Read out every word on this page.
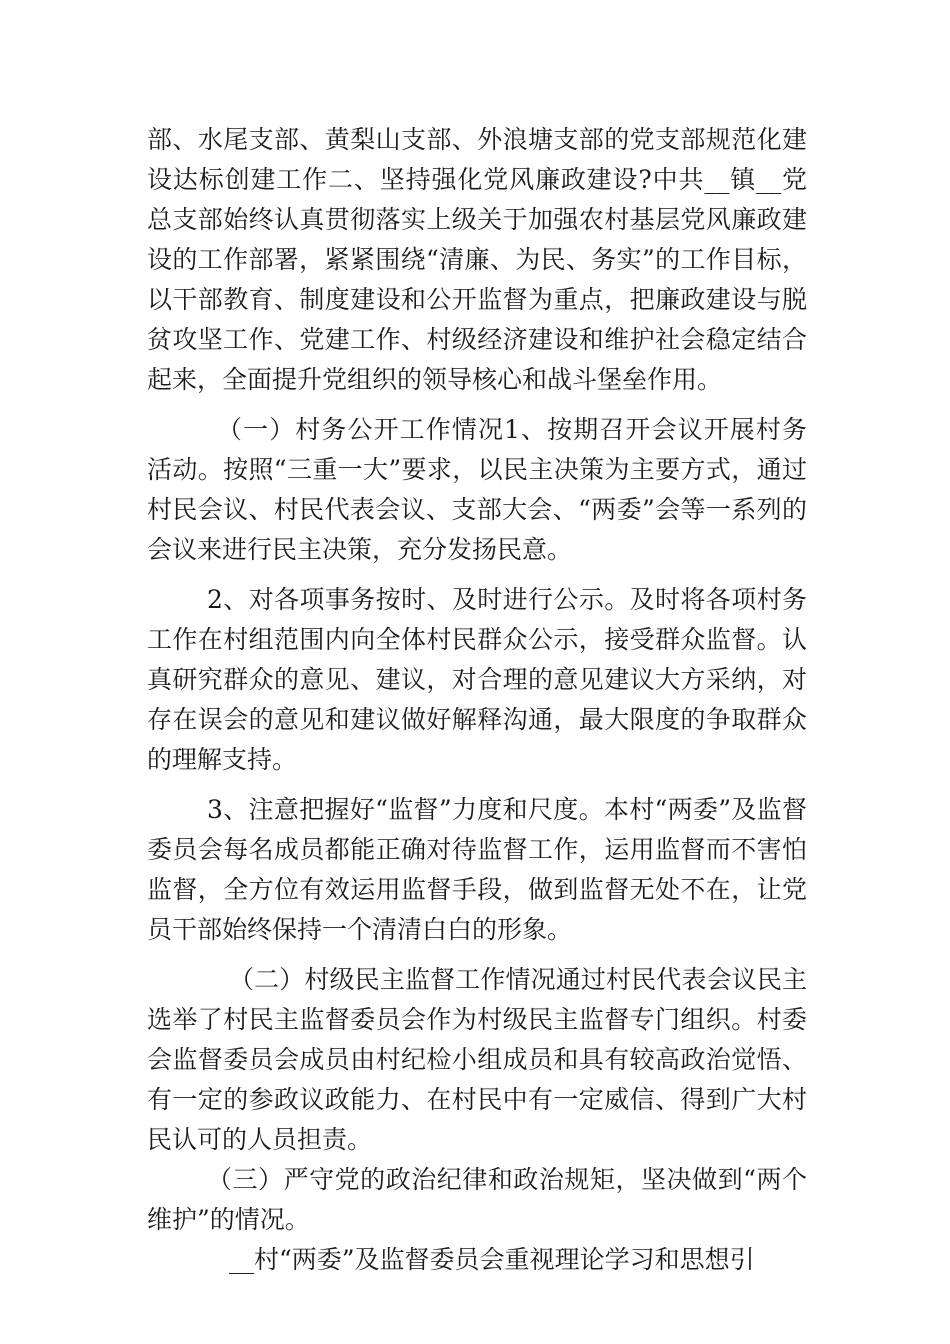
部、水尾支部、黄梨山支部、外浪塘支部的党支部规范化建设达标创建工作二、坚持强化党风廉政建设?中共__镇__党总支部始终认真贯彻落实上级关于加强农村基层党风廉政建设的工作部署，紧紧围绕“清廉、为民、务实”的工作目标，以干部教育、制度建设和公开监督为重点，把廉政建设与脱贫攻坚工作、党建工作、村级经济建设和维护社会稳定结合起来，全面提升党组织的领导核心和战斗堡垒作用。

（一）村务公开工作情况1、按期召开会议开展村务活动。按照“三重一大”要求，以民主决策为主要方式，通过村民会议、村民代表会议、支部大会、“两委”会等一系列的会议来进行民主决策，充分发扬民意。

2、对各项事务按时、及时进行公示。及时将各项村务工作在村组范围内向全体村民群众公示，接受群众监督。认真研究群众的意见、建议，对合理的意见建议大方采纳，对存在误会的意见和建议做好解释沟通，最大限度的争取群众的理解支持。

3、注意把握好“监督”力度和尺度。本村“两委”及监督委员会每名成员都能正确对待监督工作，运用监督而不害怕监督，全方位有效运用监督手段，做到监督无处不在，让党员干部始终保持一个清清白白的形象。

（二）村级民主监督工作情况通过村民代表会议民主选举了村民主监督委员会作为村级民主监督专门组织。村委会监督委员会成员由村纪检小组成员和具有较高政治觉悟、有一定的参政议政能力、在村民中有一定威信、得到广大村民认可的人员担责。

（三）严守党的政治纪律和政治规矩，坚决做到“两个维护”的情况。

__村“两委”及监督委员会重视理论学习和思想引
